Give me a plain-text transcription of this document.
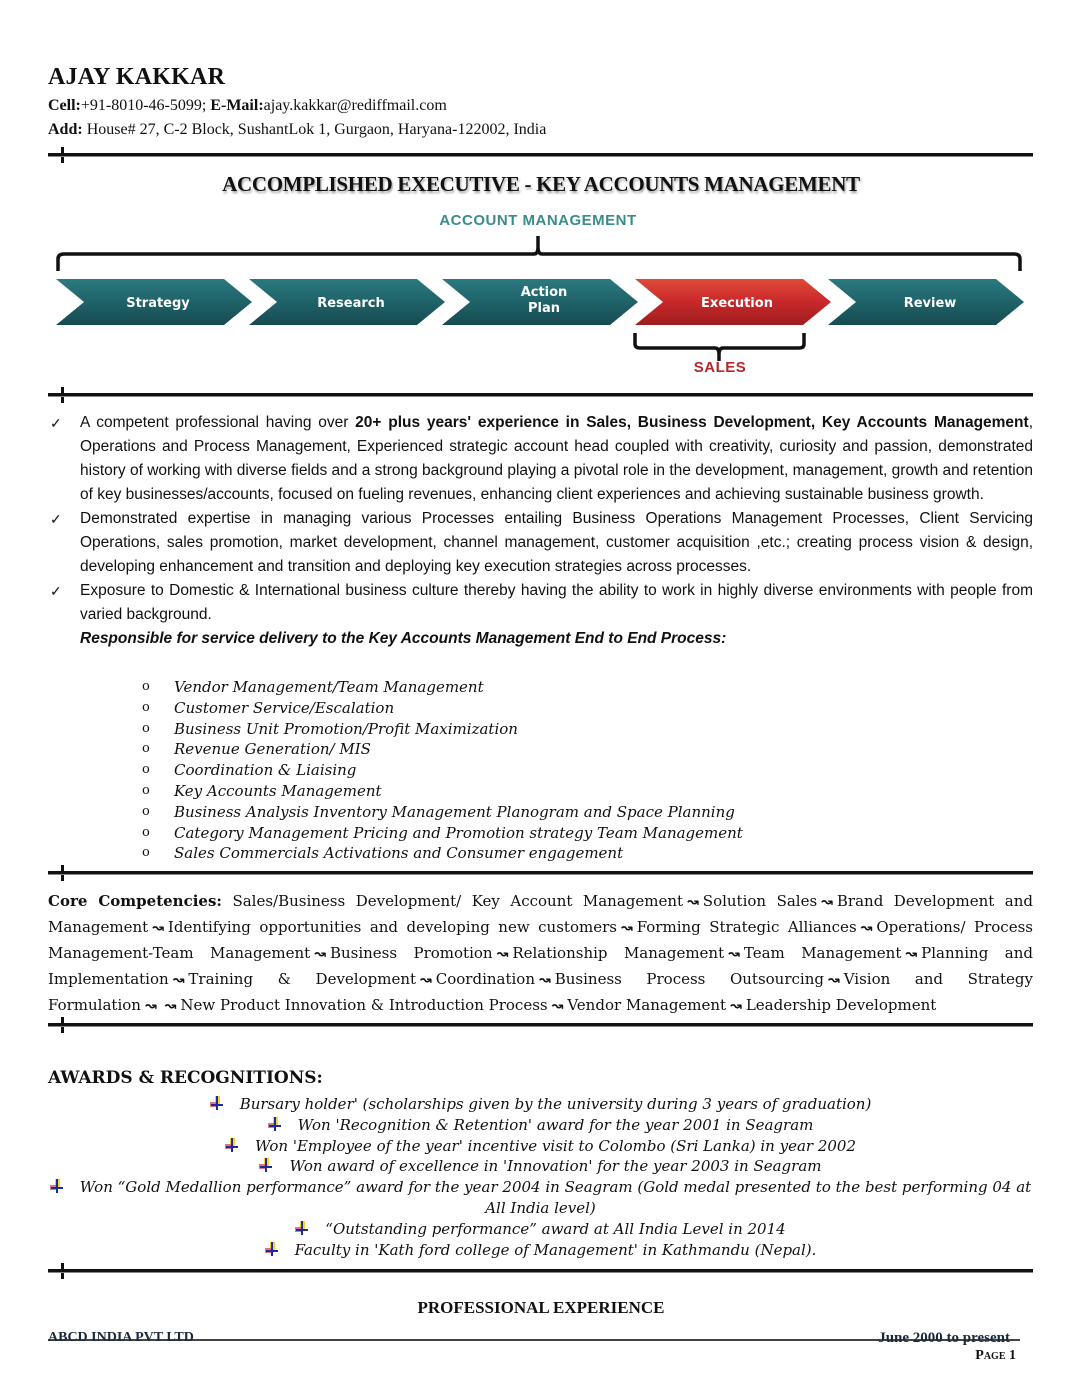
AJAY KAKKAR
Cell:+91-8010-46-5099; E-Mail:ajay.kakkar@rediffmail.com
Add: House# 27, C-2 Block, SushantLok 1, Gurgaon, Haryana-122002, India
ACCOMPLISHED EXECUTIVE - KEY ACCOUNTS MANAGEMENT
ACCOUNT MANAGEMENT
Strategy	Research
Action
Plan	Execution	Review
SALES
✓ A competent professional having over 20+ plus years' experience in Sales, Business Development, Key Accounts Management, Operations and Process Management, Experienced strategic account head coupled with creativity, curiosity and passion, demonstrated history of working with diverse fields and a strong background playing a pivotal role in the development, management, growth and retention of key businesses/accounts, focused on fueling revenues, enhancing client experiences and achieving sustainable business growth.
✓ Demonstrated expertise in managing various Processes entailing Business Operations Management Processes, Client Servicing Operations, sales promotion, market development, channel management, customer acquisition ,etc.; creating process vision & design, developing enhancement and transition and deploying key execution strategies across processes.
✓ Exposure to Domestic & International business culture thereby having the ability to work in highly diverse environments with people from varied background.
Responsible for service delivery to the Key Accounts Management End to End Process:
o Vendor Management/Team Management
o Customer Service/Escalation
o Business Unit Promotion/Profit Maximization
o Revenue Generation/ MIS
o Coordination & Liaising
o Key Accounts Management
o Business Analysis Inventory Management Planogram and Space Planning
o Category Management Pricing and Promotion strategy Team Management
o Sales Commercials Activations and Consumer engagement
Core Competencies: Sales/Business Development/ Key Account Management ↝ Solution Sales ↝ Brand Development and Management ↝ Identifying opportunities and developing new customers ↝ Forming Strategic Alliances ↝ Operations/ Process Management-Team Management ↝ Business Promotion ↝ Relationship Management ↝ Team Management ↝ Planning and Implementation ↝ Training & Development ↝ Coordination ↝ Business Process Outsourcing ↝ Vision and Strategy Formulation ↝ ↝ New Product Innovation & Introduction Process ↝ Vendor Management ↝ Leadership Development
AWARDS & RECOGNITIONS:
Bursary holder' (scholarships given by the university during 3 years of graduation)
Won 'Recognition & Retention' award for the year 2001 in Seagram
Won 'Employee of the year' incentive visit to Colombo (Sri Lanka) in year 2002
Won award of excellence in 'Innovation' for the year 2003 in Seagram
Won “Gold Medallion performance” award for the year 2004 in Seagram (Gold medal presented to the best performing 04 at All India level)
“Outstanding performance” award at All India Level in 2014
Faculty in 'Kath ford college of Management' in Kathmandu (Nepal).
PROFESSIONAL EXPERIENCE
ABCD INDIA PVT LTD	June 2000 to present
Page 1
